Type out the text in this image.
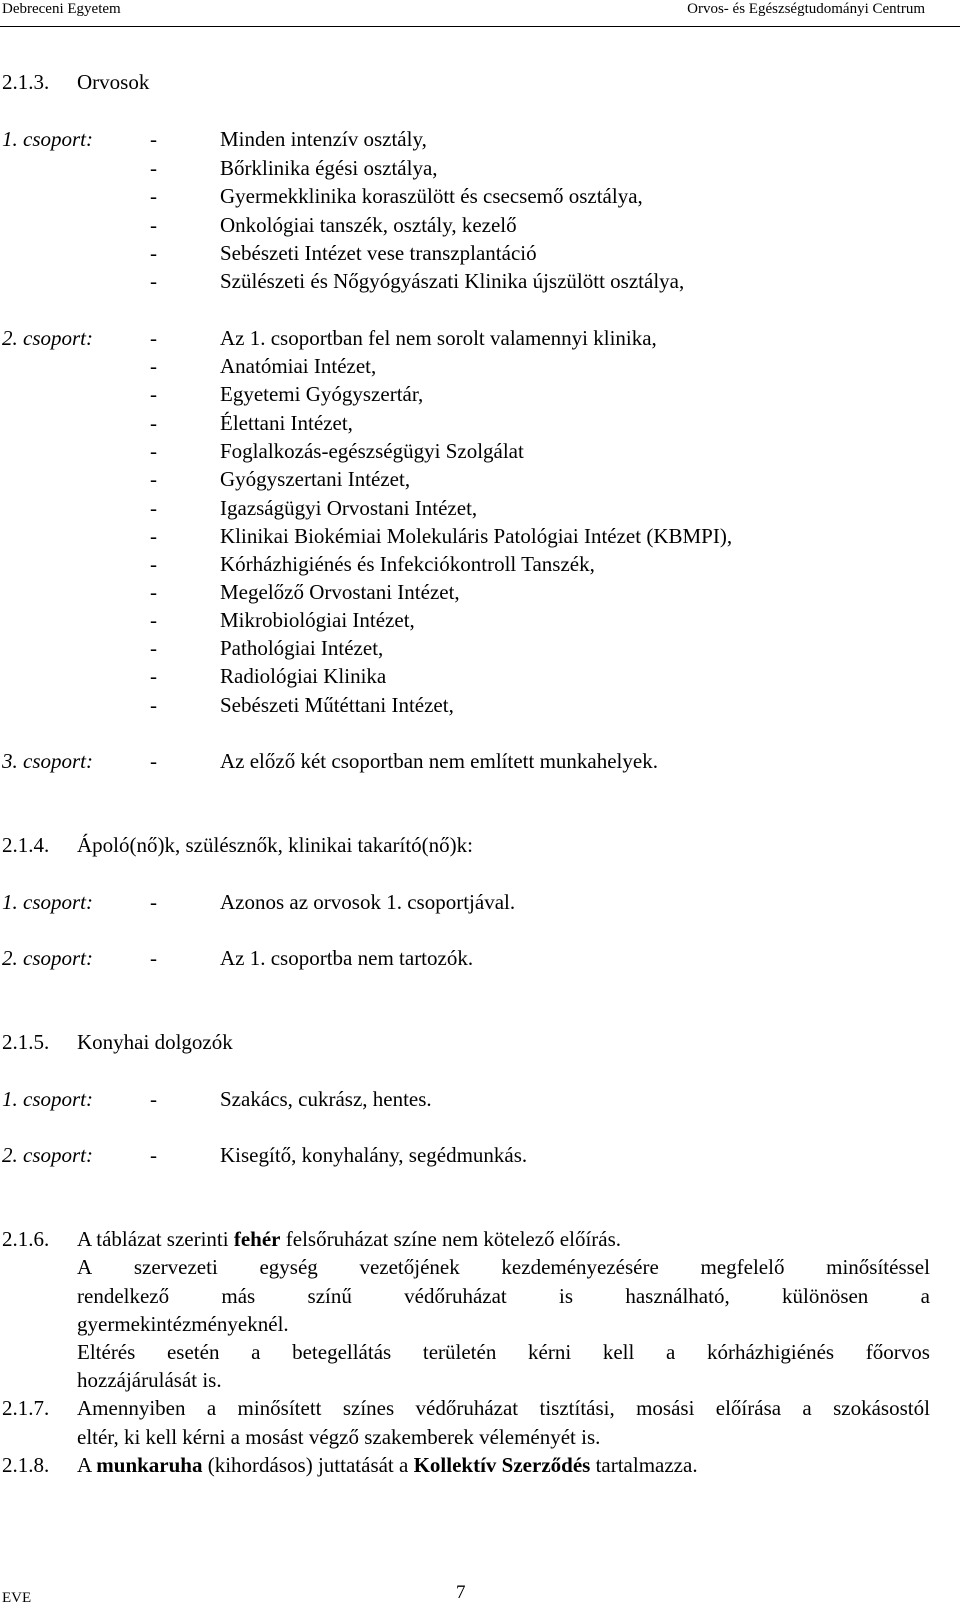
Debreceni Egyetem	Orvos- és Egészségtudományi Centrum
2.1.3. Orvosok
1. csoport:	-	Minden intenzív osztály,
-	Bőrklinika égési osztálya,
-	Gyermekklinika koraszülött és csecsemő osztálya,
-	Onkológiai tanszék, osztály, kezelő
-	Sebészeti Intézet vese transzplantáció
-	Szülészeti és Nőgyógyászati Klinika újszülött osztálya,
2. csoport:	-	Az 1. csoportban fel nem sorolt valamennyi klinika,
-	Anatómiai Intézet,
-	Egyetemi Gyógyszertár,
-	Élettani Intézet,
-	Foglalkozás-egészségügyi Szolgálat
-	Gyógyszertani Intézet,
-	Igazságügyi Orvostani Intézet,
-	Klinikai Biokémiai Molekuláris Patológiai Intézet (KBMPI),
-	Kórházhigiénés és Infekciókontroll Tanszék,
-	Megelőző Orvostani Intézet,
-	Mikrobiológiai Intézet,
-	Pathológiai Intézet,
-	Radiológiai Klinika
-	Sebészeti Műtéttani Intézet,
3. csoport:	-	Az előző két csoportban nem említett munkahelyek.
2.1.4. Ápoló(nő)k, szülésznők, klinikai takarító(nő)k:
1. csoport:	-	Azonos az orvosok 1. csoportjával.
2. csoport:	-	Az 1. csoportba nem tartozók.
2.1.5. Konyhai dolgozók
1. csoport:	-	Szakács, cukrász, hentes.
2. csoport:	-	Kisegítő, konyhalány, segédmunkás.
2.1.6. A táblázat szerinti fehér felsőruházat színe nem kötelező előírás.
A szervezeti egység vezetőjének kezdeményezésére megfelelő minősítéssel
rendelkező más színű védőruházat is használható, különösen a
gyermekintézményeknél.
Eltérés esetén a betegellátás területén kérni kell a kórházhigiénés főorvos
hozzájárulását is.
2.1.7. Amennyiben a minősített színes védőruházat tisztítási, mosási előírása a szokásostól
eltér, ki kell kérni a mosást végző szakemberek véleményét is.
2.1.8. A munkaruha (kihordásos) juttatását a Kollektív Szerződés tartalmazza.
EVE	7
